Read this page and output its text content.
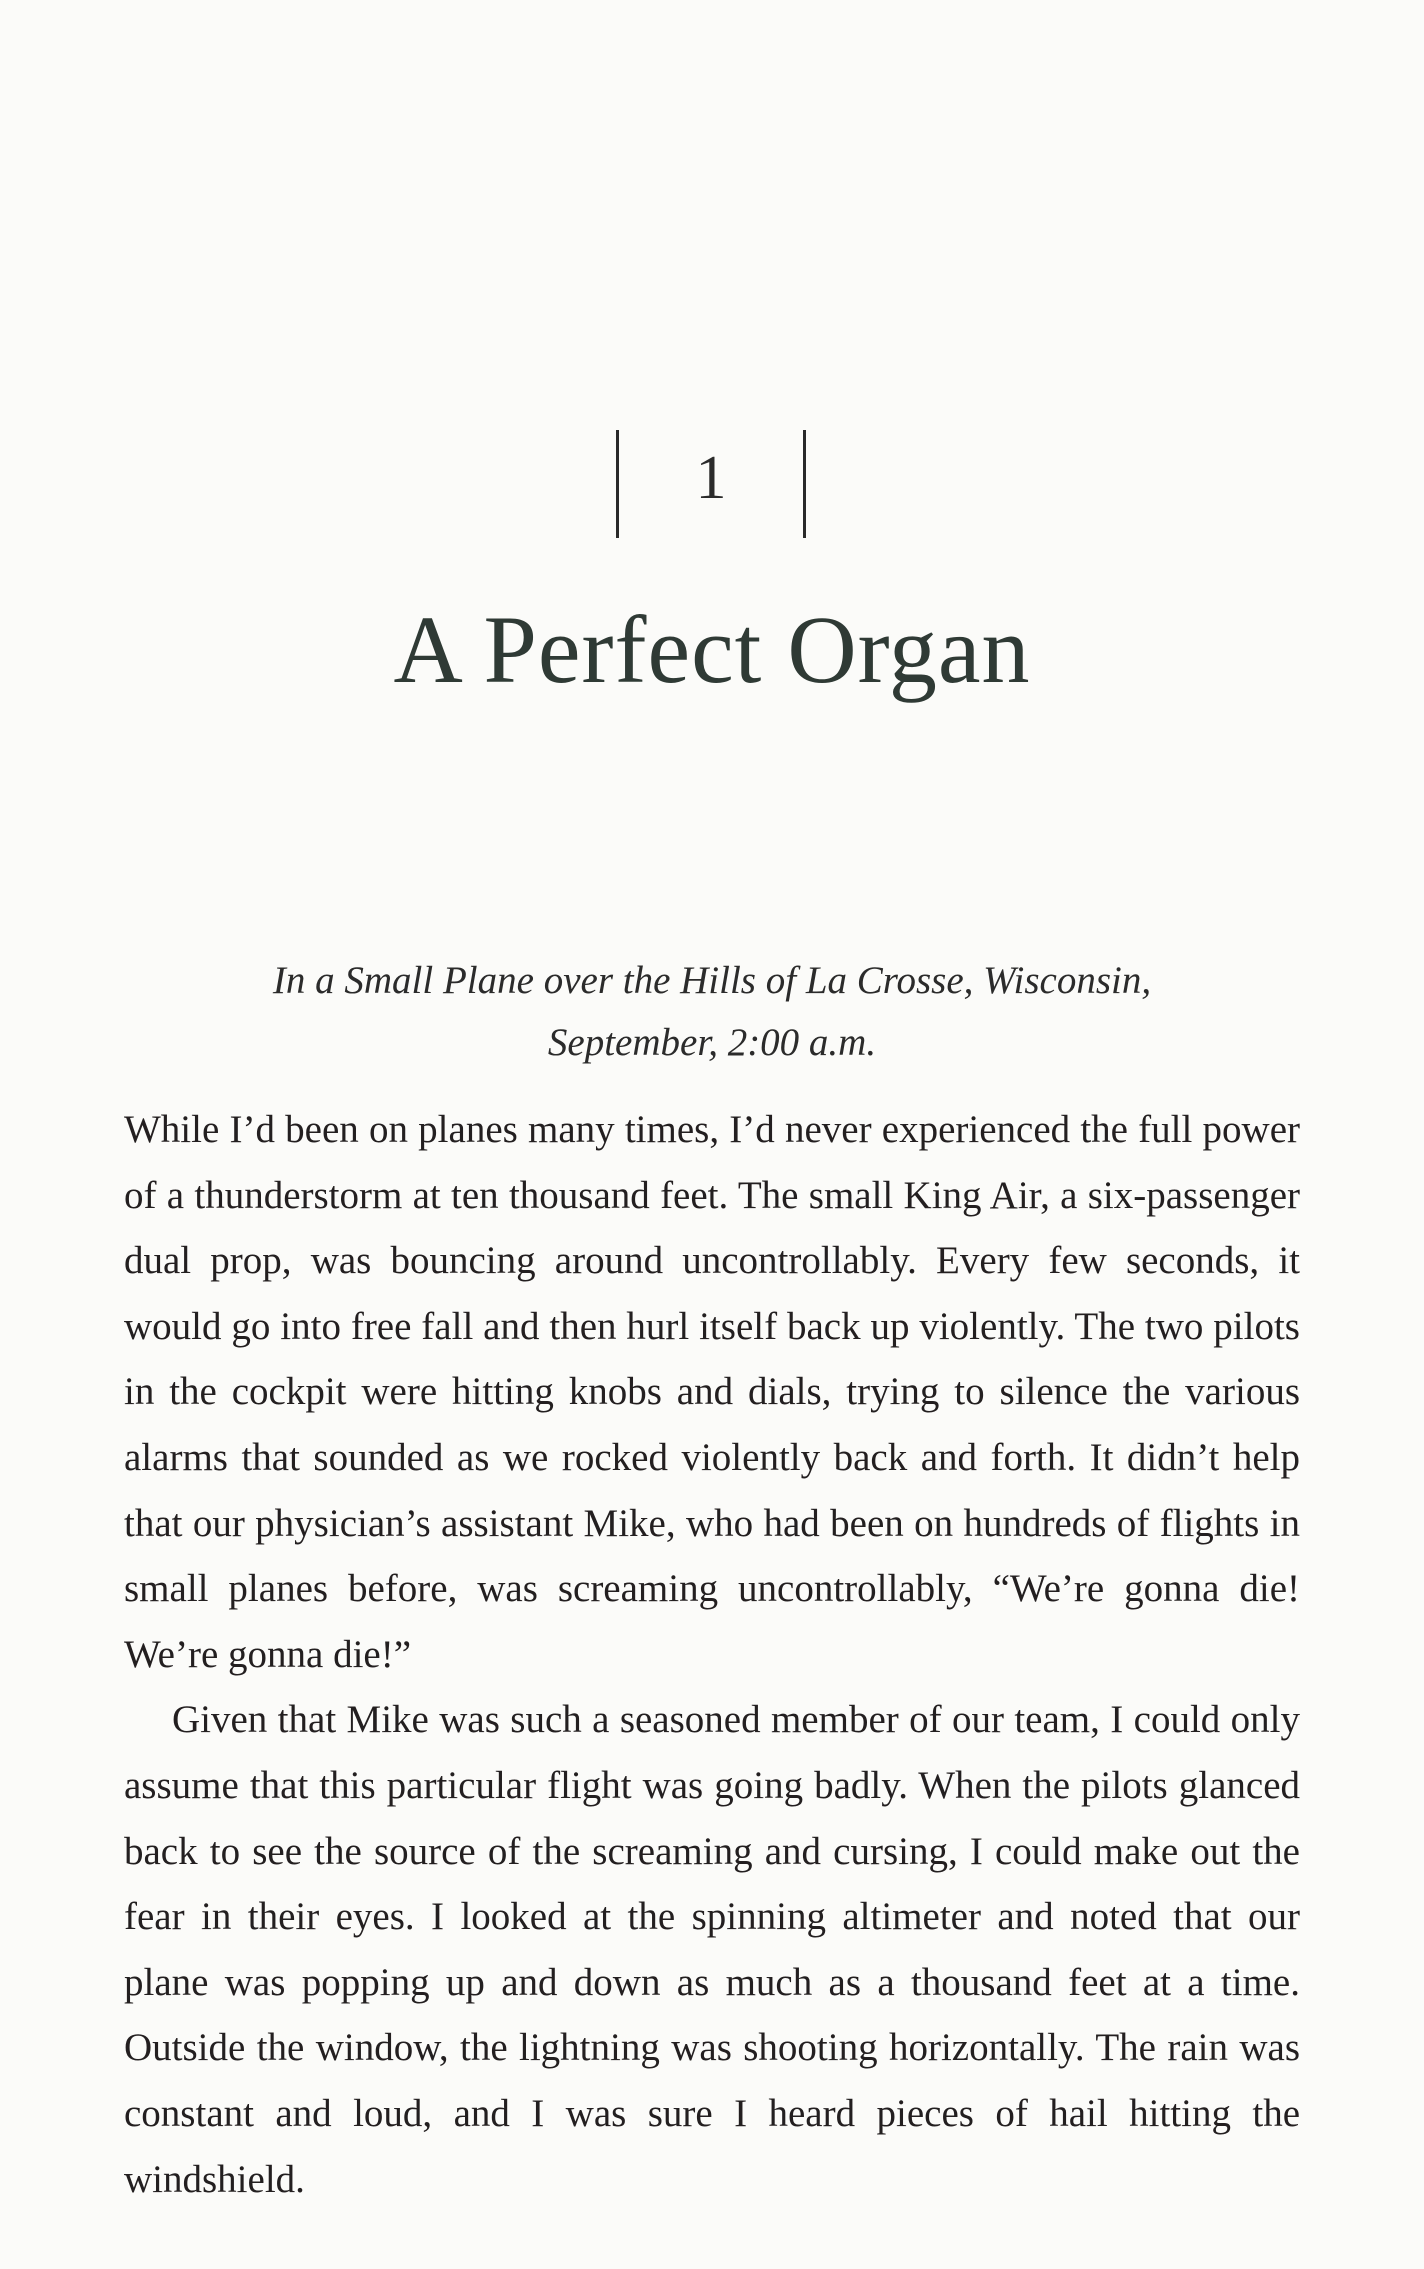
1
A Perfect Organ
In a Small Plane over the Hills of La Crosse, Wisconsin,
September, 2:00 a.m.

While I’d been on planes many times, I’d never experienced the full power of a thunderstorm at ten thousand feet. The small King Air, a six-passenger dual prop, was bouncing around uncontrollably. Every few seconds, it would go into free fall and then hurl itself back up violently. The two pilots in the cockpit were hitting knobs and dials, trying to silence the various alarms that sounded as we rocked violently back and forth. It didn’t help that our physician’s assistant Mike, who had been on hundreds of flights in small planes before, was screaming uncontrollably, “We’re gonna die! We’re gonna die!”

Given that Mike was such a seasoned member of our team, I could only assume that this particular flight was going badly. When the pilots glanced back to see the source of the screaming and cursing, I could make out the fear in their eyes. I looked at the spinning altimeter and noted that our plane was popping up and down as much as a thousand feet at a time. Outside the window, the lightning was shooting horizontally. The rain was constant and loud, and I was sure I heard pieces of hail hitting the windshield.
